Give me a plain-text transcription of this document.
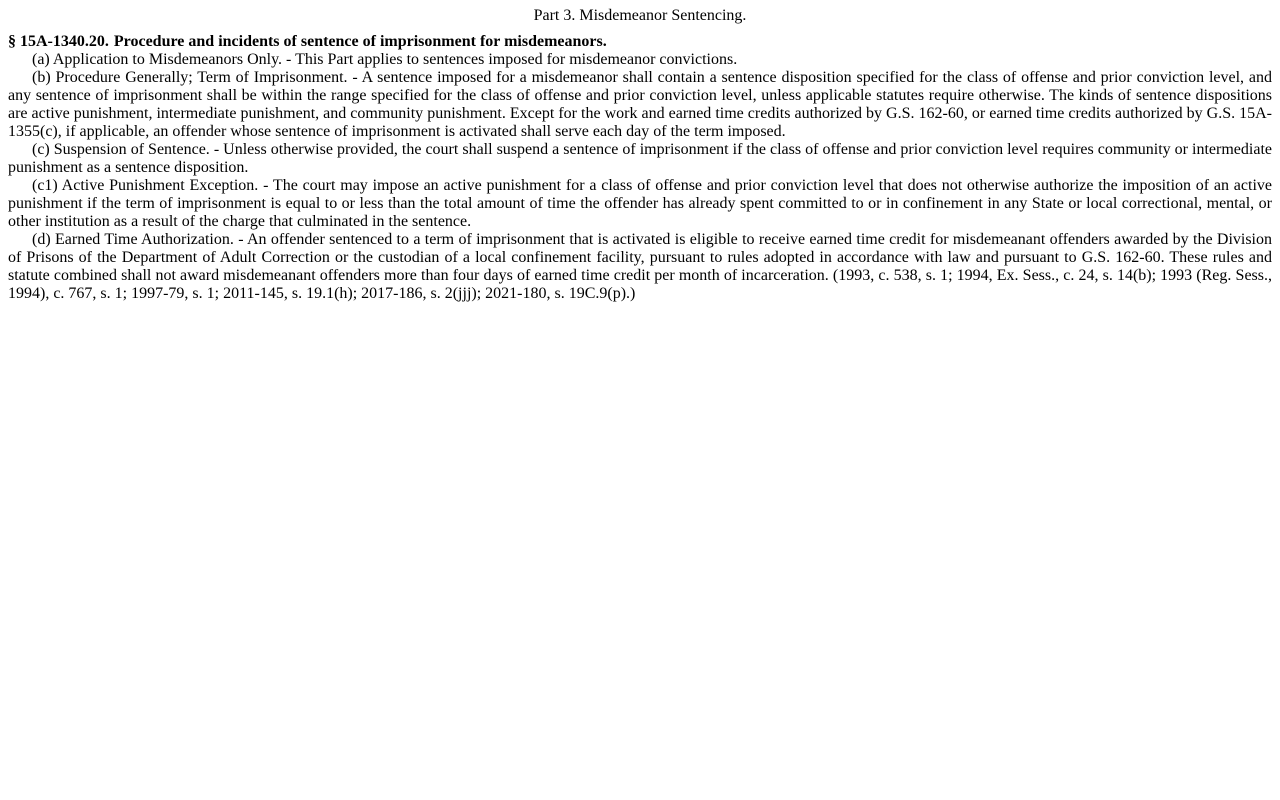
Part 3. Misdemeanor Sentencing.
§ 15A-1340.20. Procedure and incidents of sentence of imprisonment for misdemeanors.
(a) Application to Misdemeanors Only. - This Part applies to sentences imposed for misdemeanor convictions.
(b) Procedure Generally; Term of Imprisonment. - A sentence imposed for a misdemeanor shall contain a sentence disposition specified for the class of offense and prior conviction level, and any sentence of imprisonment shall be within the range specified for the class of offense and prior conviction level, unless applicable statutes require otherwise. The kinds of sentence dispositions are active punishment, intermediate punishment, and community punishment. Except for the work and earned time credits authorized by G.S. 162-60, or earned time credits authorized by G.S. 15A-1355(c), if applicable, an offender whose sentence of imprisonment is activated shall serve each day of the term imposed.
(c) Suspension of Sentence. - Unless otherwise provided, the court shall suspend a sentence of imprisonment if the class of offense and prior conviction level requires community or intermediate punishment as a sentence disposition.
(c1) Active Punishment Exception. - The court may impose an active punishment for a class of offense and prior conviction level that does not otherwise authorize the imposition of an active punishment if the term of imprisonment is equal to or less than the total amount of time the offender has already spent committed to or in confinement in any State or local correctional, mental, or other institution as a result of the charge that culminated in the sentence.
(d) Earned Time Authorization. - An offender sentenced to a term of imprisonment that is activated is eligible to receive earned time credit for misdemeanant offenders awarded by the Division of Prisons of the Department of Adult Correction or the custodian of a local confinement facility, pursuant to rules adopted in accordance with law and pursuant to G.S. 162-60. These rules and statute combined shall not award misdemeanant offenders more than four days of earned time credit per month of incarceration. (1993, c. 538, s. 1; 1994, Ex. Sess., c. 24, s. 14(b); 1993 (Reg. Sess., 1994), c. 767, s. 1; 1997-79, s. 1; 2011-145, s. 19.1(h); 2017-186, s. 2(jjj); 2021-180, s. 19C.9(p).)
